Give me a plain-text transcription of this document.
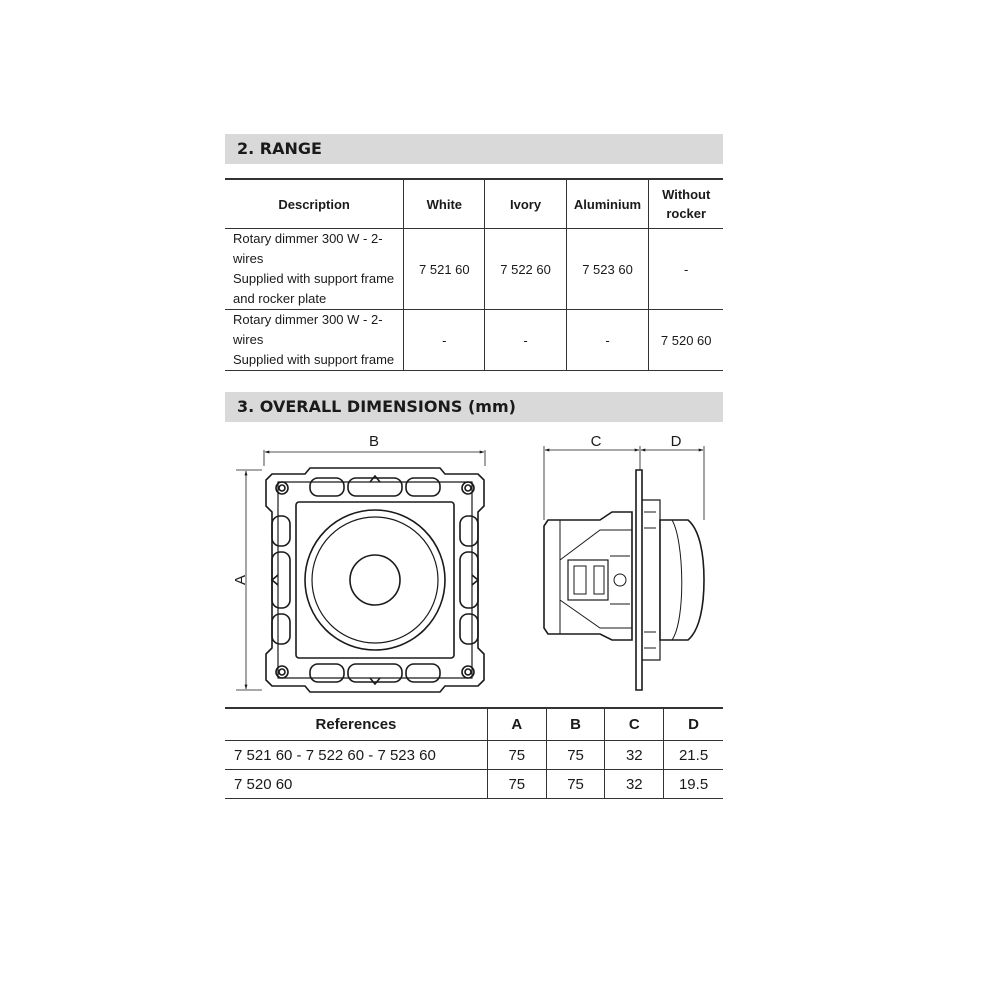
2. RANGE
Description	White	Ivory	Aluminium	Without
rocker

Rotary dimmer 300 W - 2-wires
Supplied with support frame
and rocker plate	7 521 60	7 522 60	7 523 60	-

Rotary dimmer 300 W - 2-wires
Supplied with support frame	-	-	-	7 520 60
3. OVERALL DIMENSIONS (mm)
B
A
C	D
References	A	B	C	D
7 521 60 - 7 522 60 - 7 523 60	75	75	32	21.5
7 520 60	75	75	32	19.5
